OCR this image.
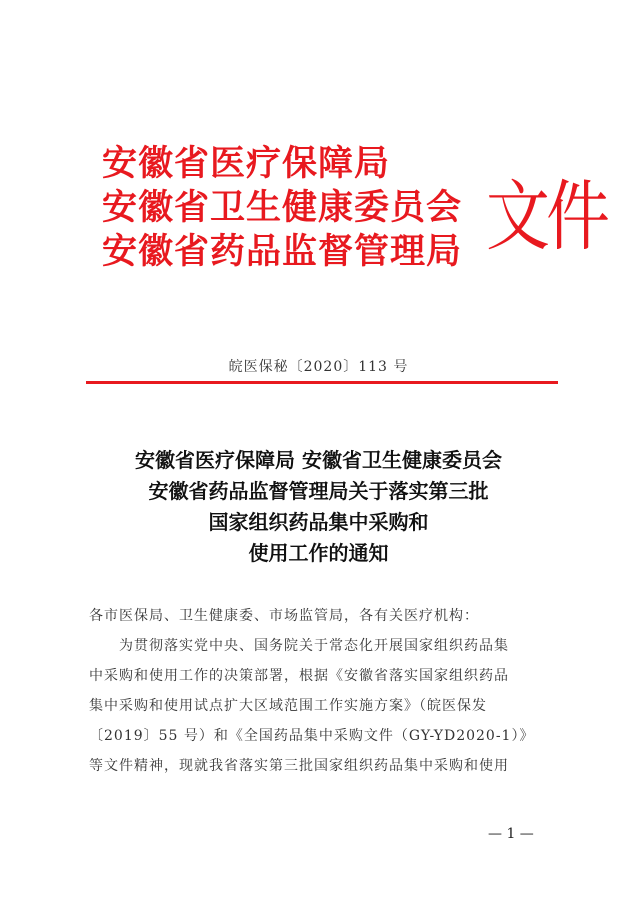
安徽省医疗保障局
安徽省卫生健康委员会
安徽省药品监督管理局 文件
皖医保秘〔2020〕113 号
安徽省医疗保障局 安徽省卫生健康委员会
安徽省药品监督管理局关于落实第三批
国家组织药品集中采购和
使用工作的通知
各市医保局、卫生健康委、市场监管局，各有关医疗机构：
为贯彻落实党中央、国务院关于常态化开展国家组织药品集
中采购和使用工作的决策部署，根据《安徽省落实国家组织药品
集中采购和使用试点扩大区域范围工作实施方案》（皖医保发
〔2019〕55 号）和《全国药品集中采购文件（GY-YD2020-1）》
等文件精神，现就我省落实第三批国家组织药品集中采购和使用
— 1 —
